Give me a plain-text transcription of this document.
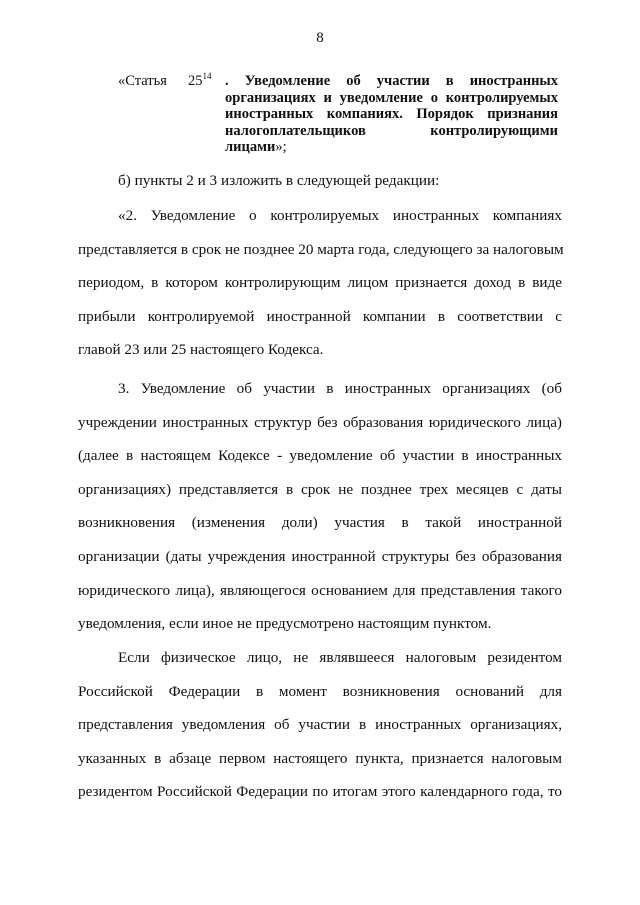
8
«Статья $25^{14}$ . Уведомление об участии в иностранных
организациях и уведомление о контролируемых
иностранных компаниях. Порядок признания
налогоплательщиков контролирующими
лицами»;
б) пункты 2 и 3 изложить в следующей редакции:
«2. Уведомление о контролируемых иностранных компаниях
представляется в срок не позднее 20 марта года, следующего за налоговым
периодом, в котором контролирующим лицом признается доход в виде
прибыли контролируемой иностранной компании в соответствии с
главой 23 или 25 настоящего Кодекса.
3. Уведомление об участии в иностранных организациях (об
учреждении иностранных структур без образования юридического лица)
(далее в настоящем Кодексе - уведомление об участии в иностранных
организациях) представляется в срок не позднее трех месяцев с даты
возникновения (изменения доли) участия в такой иностранной
организации (даты учреждения иностранной структуры без образования
юридического лица), являющегося основанием для представления такого
уведомления, если иное не предусмотрено настоящим пунктом.
Если физическое лицо, не являвшееся налоговым резидентом
Российской Федерации в момент возникновения оснований для
представления уведомления об участии в иностранных организациях,
указанных в абзаце первом настоящего пункта, признается налоговым
резидентом Российской Федерации по итогам этого календарного года, то
